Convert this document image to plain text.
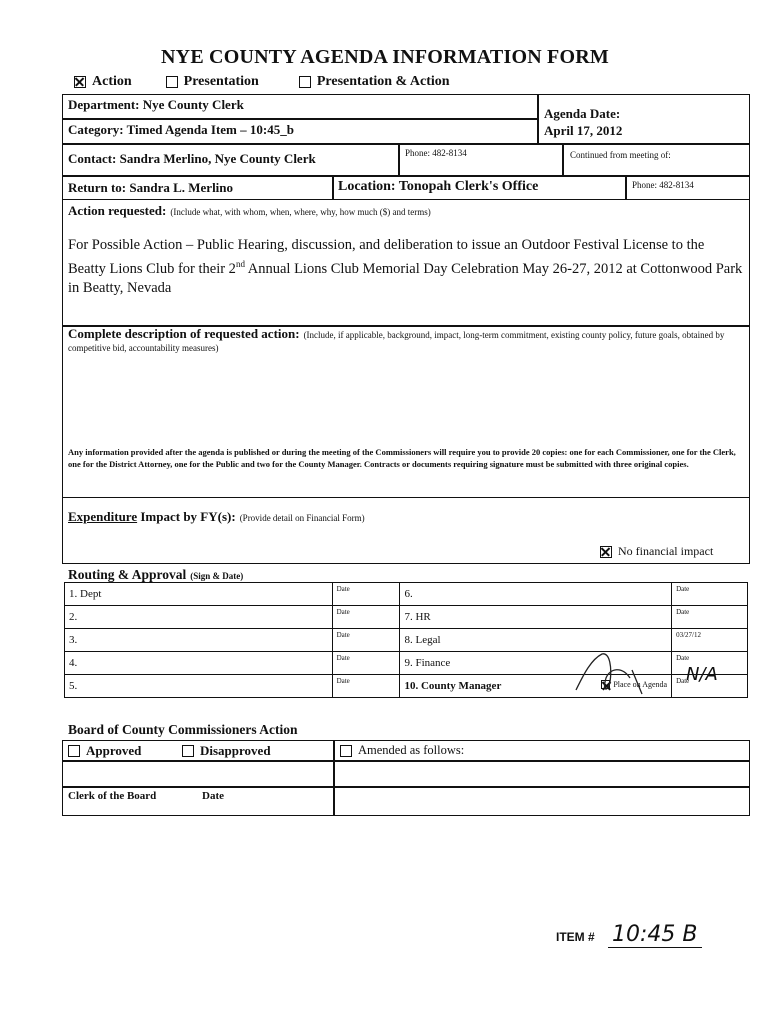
NYE COUNTY AGENDA INFORMATION FORM
Action	Presentation	Presentation & Action
Department: Nye County Clerk
Agenda Date:
April 17, 2012
Category: Timed Agenda Item – 10:45_b
Contact: Sandra Merlino, Nye County Clerk	Phone: 482-8134	Continued from meeting of:
Return to: Sandra L. Merlino	Location: Tonopah Clerk's Office	Phone: 482-8134
Action requested: (Include what, with whom, when, where, why, how much ($) and terms)
For Possible Action – Public Hearing, discussion, and deliberation to issue an Outdoor Festival License to the Beatty Lions Club for their 2nd Annual Lions Club Memorial Day Celebration May 26-27, 2012 at Cottonwood Park in Beatty, Nevada
Complete description of requested action: (Include, if applicable, background, impact, long-term commitment, existing county policy, future goals, obtained by competitive bid, accountability measures)
Any information provided after the agenda is published or during the meeting of the Commissioners will require you to provide 20 copies: one for each Commissioner, one for the Clerk, one for the District Attorney, one for the Public and two for the County Manager. Contracts or documents requiring signature must be submitted with three original copies.
Expenditure Impact by FY(s): (Provide detail on Financial Form)
No financial impact
Routing & Approval (Sign & Date)
1. Dept	Date	6.	Date

2.	Date	7. HR	Date

3.	Date	8. Legal	03/27/12

4.	Date	9. Finance	Date

5.	Date	10. County Manager Place on Agenda	Date
N/A
Board of County Commissioners Action
Approved	Disapproved	Amended as follows:
Clerk of the Board	Date
ITEM # 10:45 B
